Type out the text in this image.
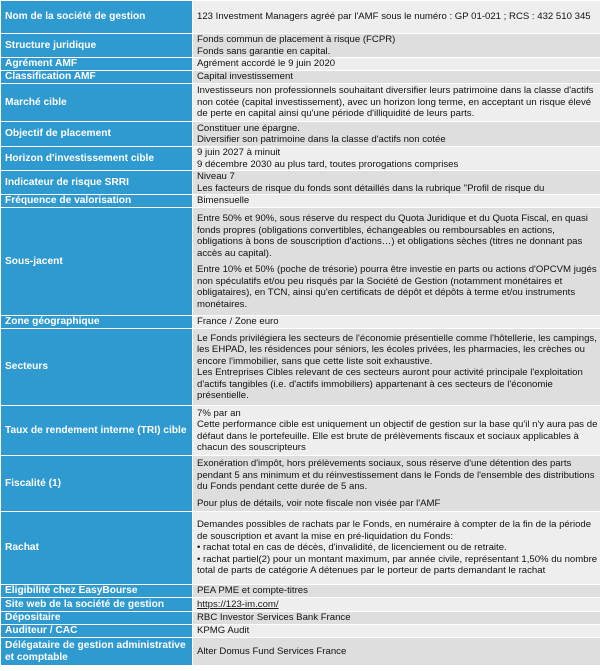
Nom de la société de gestion	123 Investment Managers agréé par l'AMF sous le numéro : GP 01-021 ; RCS : 432 510 345

Structure juridique	Fonds commun de placement à risque (FCPR)

Fonds sans garantie en capital.

Agrément AMF	Agrément accordé le 9 juin 2020

Classification AMF	Capital investissement

Marché cible	Investisseurs non professionnels souhaitant diversifier leurs patrimoine dans la classe d'actifs non cotée (capital investissement), avec un horizon long terme, en acceptant un risque élevé de perte en capital ainsi qu'une période d'illiquidité de leurs parts.

Objectif de placement	Constituer une épargne.

Diversifier son patrimoine dans la classe d'actifs non cotée

Horizon d'investissement cible	9 juin 2027 à minuit

9 décembre 2030 au plus tard, toutes prorogations comprises

Indicateur de risque SRRI	Niveau 7

Les facteurs de risque du fonds sont détaillés dans la rubrique "Profil de risque du

Fréquence de valorisation	Bimensuelle

Sous-jacent	Entre 50% et 90%, sous réserve du respect du Quota Juridique et du Quota Fiscal, en quasi fonds propres (obligations convertibles, échangeables ou remboursables en actions, obligations à bons de souscription d'actions…) et obligations sèches (titres ne donnant pas accès au capital).

Entre 10% et 50% (poche de trésorie) pourra être investie en parts ou actions d'OPCVM jugés non spéculatifs et/ou peu risqués par la Société de Gestion (notamment monétaires et obligataires), en TCN, ainsi qu'en certificats de dépôt et dépôts à terme et/ou instruments monétaires.

Zone géographique	France / Zone euro

Secteurs	Le Fonds privilégiera les secteurs de l'économie présentielle comme l'hôtellerie, les campings, les EHPAD, les résidences pour séniors, les écoles privées, les pharmacies, les crèches ou encore l'immobilier, sans que cette liste soit exhaustive.

Les Entreprises Cibles relevant de ces secteurs auront pour activité principale l'exploitation d'actifs tangibles (i.e. d'actifs immobiliers) appartenant à ces secteurs de l'économie présentielle.

Taux de rendement interne (TRI) cible	7% par an

Cette performance cible est uniquement un objectif de gestion sur la base qu'il n'y aura pas de défaut dans le portefeuille. Elle est brute de prélèvements fiscaux et sociaux applicables à chacun des souscripteurs

Fiscalité (1)	Exonération d'impôt, hors prélèvements sociaux, sous réserve d'une détention des parts pendant 5 ans minimum et du réinvestissement dans le Fonds de l'ensemble des distributions du Fonds pendant cette durée de 5 ans.

Pour plus de détails, voir note fiscale non visée par l'AMF

Rachat	Demandes possibles de rachats par le Fonds, en numéraire à compter de la fin de la période de souscription et avant la mise en pré-liquidation du Fonds:

• rachat total en cas de décès, d'invalidité, de licenciement ou de retraite.

• rachat partiel(2) pour un montant maximum, par année civile, représentant 1,50% du nombre total de parts de catégorie A détenues par le porteur de parts demandant le rachat

Eligibilité chez EasyBourse	PEA PME et compte-titres

Site web de la société de gestion	https://123-im.com/
Dépositaire	RBC Investor Services Bank France

Auditeur / CAC	KPMG Audit

Délégataire de gestion administrative et comptable	Alter Domus Fund Services France
